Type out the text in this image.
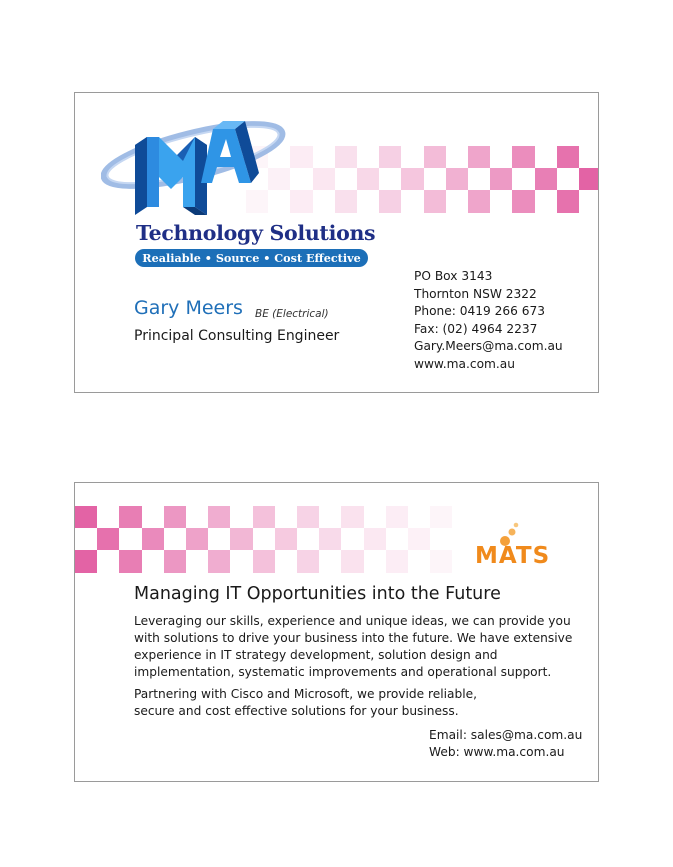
Technology Solutions
Realiable • Source • Cost Effective
Gary Meers BE (Electrical)
Principal Consulting Engineer
PO Box 3143
Thornton NSW 2322
Phone: 0419 266 673
Fax: (02) 4964 2237
Gary.Meers@ma.com.au
www.ma.com.au
MATS
Managing IT Opportunities into the Future

Leveraging our skills, experience and unique ideas, we can provide you
with solutions to drive your business into the future. We have extensive
experience in IT strategy development, solution design and
implementation, systematic improvements and operational support.

Partnering with Cisco and Microsoft, we provide reliable,
secure and cost effective solutions for your business.

Email: sales@ma.com.au
Web: www.ma.com.au
